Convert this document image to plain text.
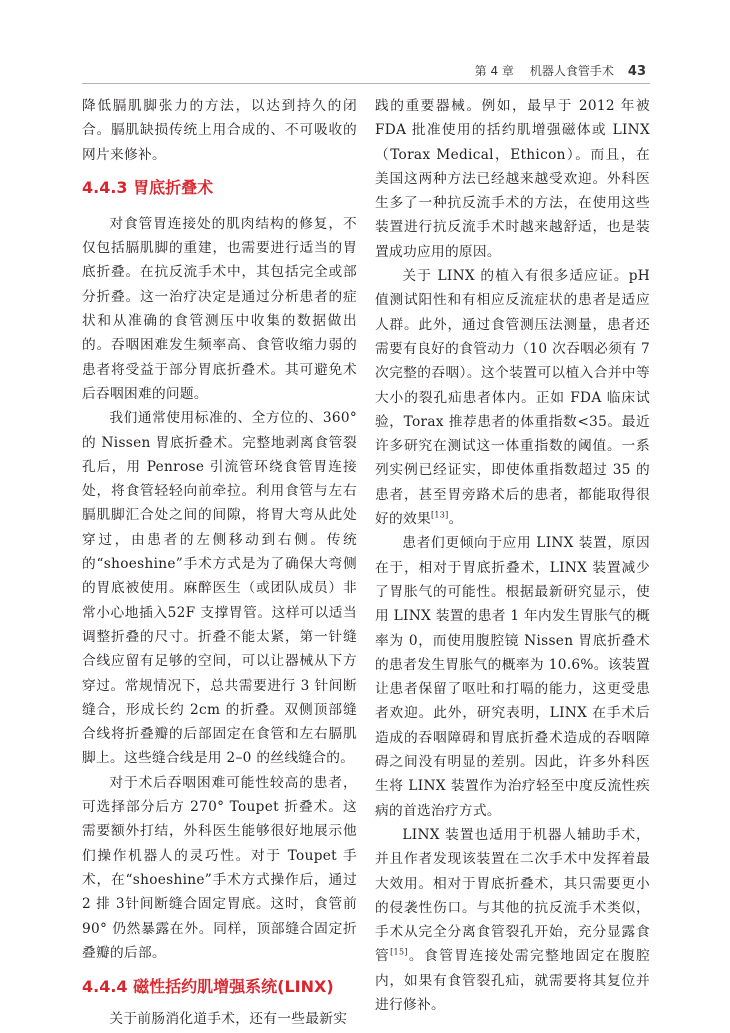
第 4 章 机器人食管手术 43

降低膈肌脚张力的方法，以达到持久的闭合。膈肌缺损传统上用合成的、不可吸收的网片来修补。

4.4.3 胃底折叠术

对食管胃连接处的肌肉结构的修复，不仅包括膈肌脚的重建，也需要进行适当的胃底折叠。在抗反流手术中，其包括完全或部分折叠。这一治疗决定是通过分析患者的症状和从准确的食管测压中收集的数据做出的。吞咽困难发生频率高、食管收缩力弱的患者将受益于部分胃底折叠术。其可避免术后吞咽困难的问题。

我们通常使用标准的、全方位的、360° 的 Nissen 胃底折叠术。完整地剥离食管裂孔后，用 Penrose 引流管环绕食管胃连接处，将食管轻轻向前牵拉。利用食管与左右膈肌脚汇合处之间的间隙，将胃大弯从此处穿过，由患者的左侧移动到右侧。传统的“shoeshine”手术方式是为了确保大弯侧的胃底被使用。麻醉医生（或团队成员）非常小心地插入52F 支撑胃管。这样可以适当调整折叠的尺寸。折叠不能太紧，第一针缝合线应留有足够的空间，可以让器械从下方穿过。常规情况下，总共需要进行 3 针间断缝合，形成长约 2cm 的折叠。双侧顶部缝合线将折叠瓣的后部固定在食管和左右膈肌脚上。这些缝合线是用 2–0 的丝线缝合的。

对于术后吞咽困难可能性较高的患者，可选择部分后方 270° Toupet 折叠术。这需要额外打结，外科医生能够很好地展示他们操作机器人的灵巧性。对于 Toupet 手术，在“shoeshine”手术方式操作后，通过 2 排 3针间断缝合固定胃底。这时，食管前 90° 仍然暴露在外。同样，顶部缝合固定折叠瓣的后部。

4.4.4 磁性括约肌增强系统(LINX)

关于前肠消化道手术，还有一些最新实

践的重要器械。例如，最早于 2012 年被 FDA 批准使用的括约肌增强磁体或 LINX（Torax Medical，Ethicon）。而且，在美国这两种方法已经越来越受欢迎。外科医生多了一种抗反流手术的方法，在使用这些装置进行抗反流手术时越来越舒适，也是装置成功应用的原因。

关于 LINX 的植入有很多适应证。pH 值测试阳性和有相应反流症状的患者是适应人群。此外，通过食管测压法测量，患者还需要有良好的食管动力（10 次吞咽必须有 7 次完整的吞咽）。这个装置可以植入合并中等大小的裂孔疝患者体内。正如 FDA 临床试验，Torax 推荐患者的体重指数<35。最近许多研究在测试这一体重指数的阈值。一系列实例已经证实，即使体重指数超过 35 的患者，甚至胃旁路术后的患者，都能取得很好的效果[13]。

患者们更倾向于应用 LINX 装置，原因在于，相对于胃底折叠术，LINX 装置减少了胃胀气的可能性。根据最新研究显示，使用 LINX 装置的患者 1 年内发生胃胀气的概率为 0，而使用腹腔镜 Nissen 胃底折叠术的患者发生胃胀气的概率为 10.6%。该装置让患者保留了呕吐和打嗝的能力，这更受患者欢迎。此外，研究表明，LINX 在手术后造成的吞咽障碍和胃底折叠术造成的吞咽障碍之间没有明显的差别。因此，许多外科医生将 LINX 装置作为治疗轻至中度反流性疾病的首选治疗方式。

LINX 装置也适用于机器人辅助手术，并且作者发现该装置在二次手术中发挥着最大效用。相对于胃底折叠术，其只需要更小的侵袭性伤口。与其他的抗反流手术类似，手术从完全分离食管裂孔开始，充分显露食管[15]。食管胃连接处需完整地固定在腹腔内，如果有食管裂孔疝，就需要将其复位并进行修补。
